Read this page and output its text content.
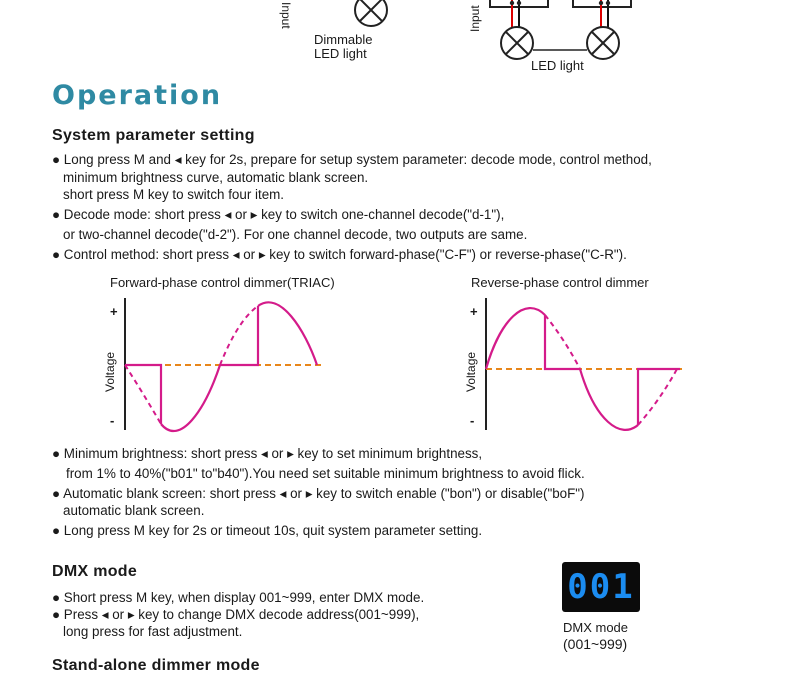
Input	Input
Dimmable
LED light
LED light
Operation
System parameter setting
● Long press M and ◂ key for 2s, prepare for setup system parameter: decode mode, control method,
minimum brightness curve, automatic blank screen.
short press M key to switch four item.
● Decode mode: short press ◂ or ▸ key to switch one-channel decode("d-1"),
or two-channel decode("d-2"). For one channel decode, two outputs are same.
● Control method: short press ◂ or ▸ key to switch forward-phase("C-F") or reverse-phase("C-R").
Forward-phase control dimmer(TRIAC)	Reverse-phase control dimmer
+
-
Voltage
+
-
Voltage
● Minimum brightness: short press ◂ or ▸ key to set minimum brightness,
from 1% to 40%("b01" to"b40").You need set suitable minimum brightness to avoid flick.
● Automatic blank screen: short press ◂ or ▸ key to switch enable ("bon") or disable("boF")
automatic blank screen.
● Long press M key for 2s or timeout 10s, quit system parameter setting.
DMX mode
● Short press M key, when display 001~999, enter DMX mode.
● Press ◂ or ▸ key to change DMX decode address(001~999),
long press for fast adjustment.
001
DMX mode
(001~999)
Stand-alone dimmer mode
